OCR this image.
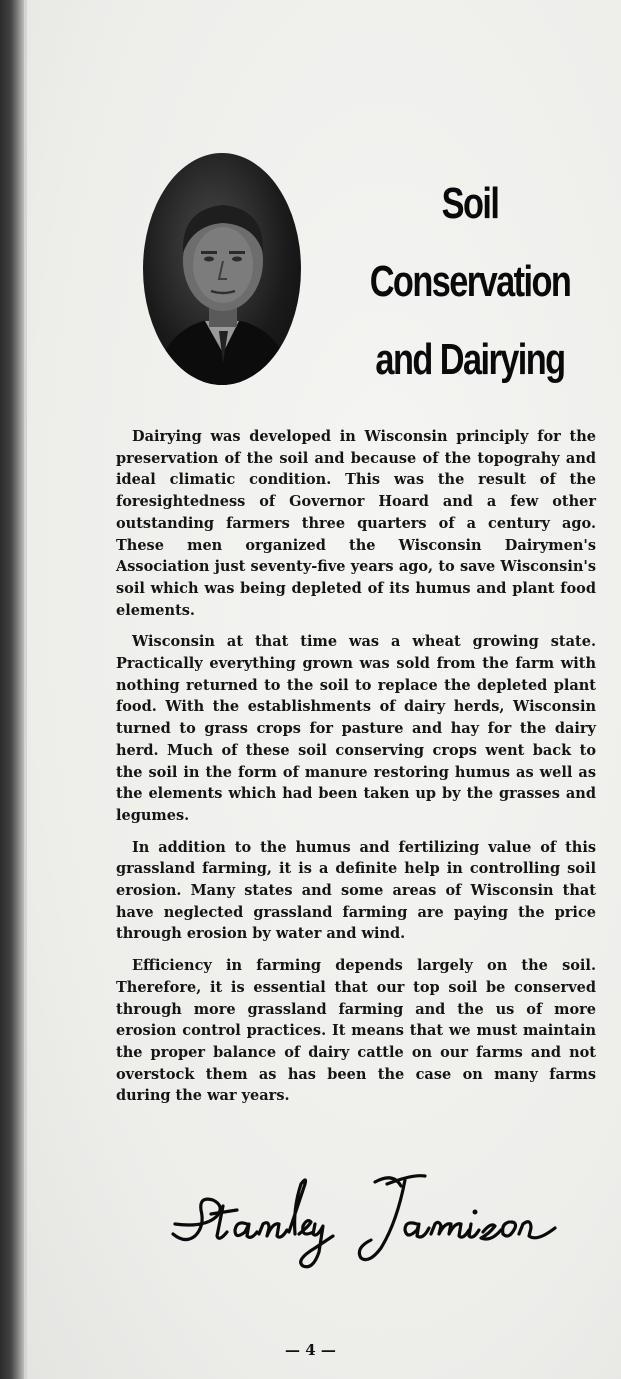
Soil
Conservation
and Dairying

Dairying was developed in Wisconsin principly for the preservation of the soil and because of the topograhy and ideal climatic condition. This was the result of the foresightedness of Governor Hoard and a few other outstanding farmers three quarters of a century ago. These men organized the Wisconsin Dairymen's Association just seventy-five years ago, to save Wisconsin's soil which was being depleted of its humus and plant food elements.

Wisconsin at that time was a wheat growing state. Practically everything grown was sold from the farm with nothing returned to the soil to replace the depleted plant food. With the establishments of dairy herds, Wisconsin turned to grass crops for pasture and hay for the dairy herd. Much of these soil conserving crops went back to the soil in the form of manure restoring humus as well as the elements which had been taken up by the grasses and legumes.

In addition to the humus and fertilizing value of this grassland farming, it is a definite help in controlling soil erosion. Many states and some areas of Wisconsin that have neglected grassland farming are paying the price through erosion by water and wind.

Efficiency in farming depends largely on the soil. Therefore, it is essential that our top soil be conserved through more grassland farming and the us of more erosion control practices. It means that we must maintain the proper balance of dairy cattle on our farms and not overstock them as has been the case on many farms during the war years.

— 4 —
